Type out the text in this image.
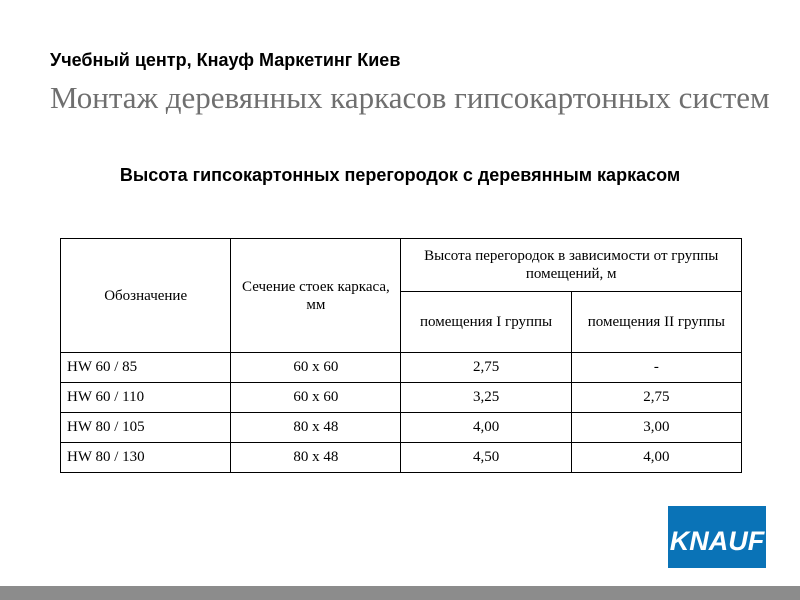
Учебный центр, Кнауф Маркетинг Киев
Монтаж деревянных каркасов гипсокартонных систем
Высота гипсокартонных перегородок с деревянным каркасом
Обозначение	Сечение стоек каркаса, мм	Высота перегородок в зависимости от группы помещений, м	
		помещения I группы	помещения II группы
HW 60 / 85	60 х 60	2,75	-
HW 60 / 110	60 х 60	3,25	2,75
HW 80 / 105	80 х 48	4,00	3,00
HW 80 / 130	80 х 48	4,50	4,00
KNAUF
